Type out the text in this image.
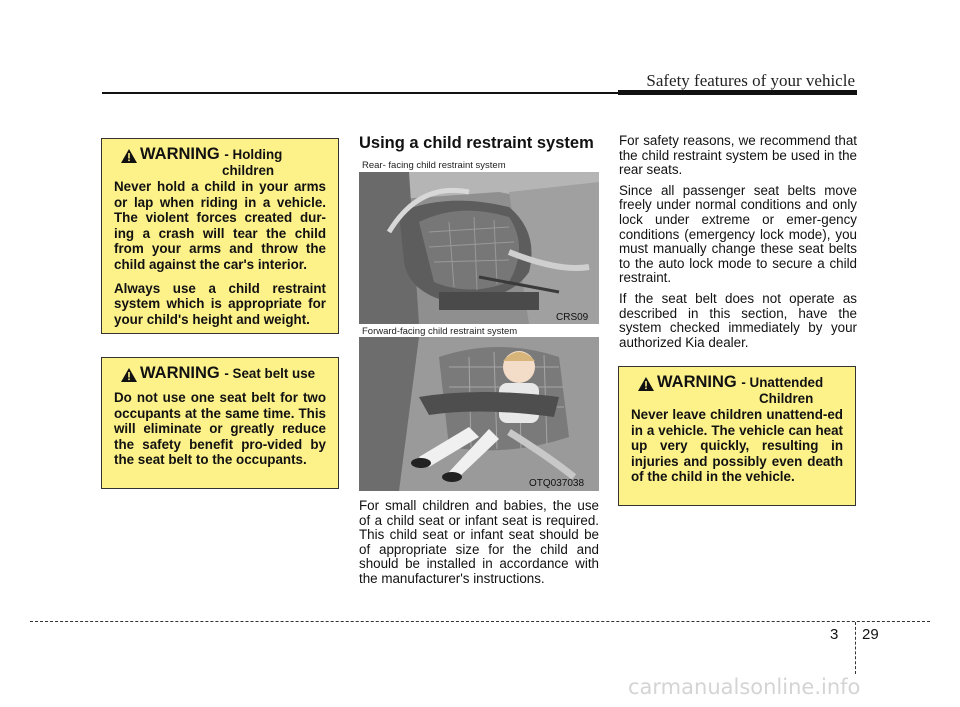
Safety features of your vehicle
WARNING - Holding
children

Never hold a child in your arms or lap when riding in a vehicle. The violent forces created dur-ing a crash will tear the child from your arms and throw the child against the car's interior.

Always use a child restraint system which is appropriate for your child's height and weight.

WARNING - Seat belt use

Do not use one seat belt for two occupants at the same time. This will eliminate or greatly reduce the safety benefit pro-vided by the seat belt to the occupants.

Using a child restraint system
Rear- facing child restraint system
CRS09
Forward-facing child restraint system
OTQ037038

For small children and babies, the use of a child seat or infant seat is required. This child seat or infant seat should be of appropriate size for the child and should be installed in accordance with the manufacturer's instructions.

For safety reasons, we recommend that the child restraint system be used in the rear seats.

Since all passenger seat belts move freely under normal conditions and only lock under extreme or emer-gency conditions (emergency lock mode), you must manually change these seat belts to the auto lock mode to secure a child restraint.

If the seat belt does not operate as described in this section, have the system checked immediately by your authorized Kia dealer.

WARNING - Unattended
Children

Never leave children unattend-ed in a vehicle. The vehicle can heat up very quickly, resulting in injuries and possibly even death of the child in the vehicle.

3 29
carmanualsonline.info
